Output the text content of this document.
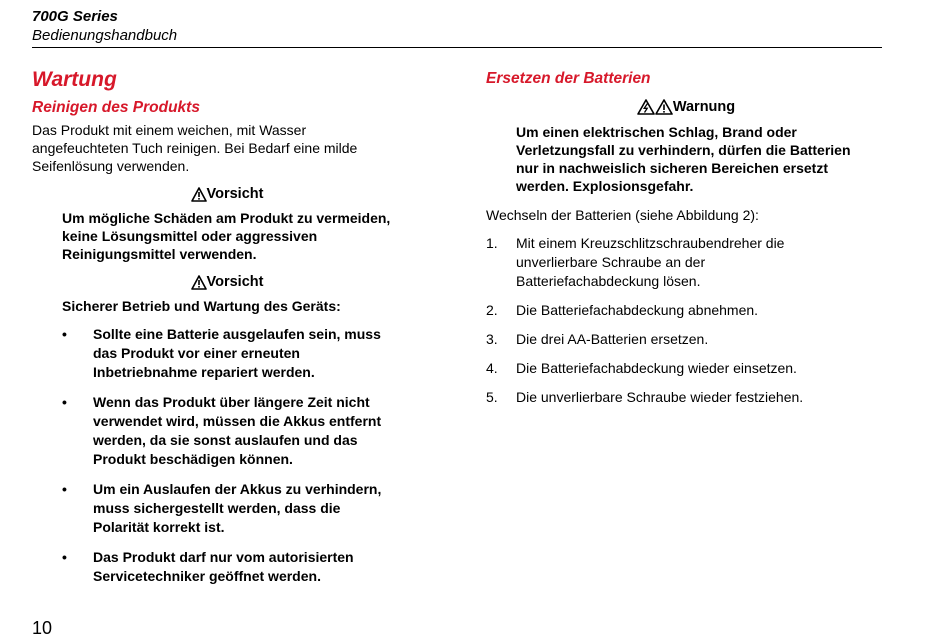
700G Series
Bedienungshandbuch
Wartung
Reinigen des Produkts

Das Produkt mit einem weichen, mit Wasser angefeuchteten Tuch reinigen. Bei Bedarf eine milde Seifenlösung verwenden.

Vorsicht

Um mögliche Schäden am Produkt zu vermeiden, keine Lösungsmittel oder aggressiven Reinigungsmittel verwenden.

Vorsicht

Sicherer Betrieb und Wartung des Geräts:

• Sollte eine Batterie ausgelaufen sein, muss das Produkt vor einer erneuten Inbetriebnahme repariert werden.
• Wenn das Produkt über längere Zeit nicht verwendet wird, müssen die Akkus entfernt werden, da sie sonst auslaufen und das Produkt beschädigen können.
• Um ein Auslaufen der Akkus zu verhindern, muss sichergestellt werden, dass die Polarität korrekt ist.
• Das Produkt darf nur vom autorisierten Servicetechniker geöffnet werden.
Ersetzen der Batterien
Warnung

Um einen elektrischen Schlag, Brand oder Verletzungsfall zu verhindern, dürfen die Batterien nur in nachweislich sicheren Bereichen ersetzt werden. Explosionsgefahr.

Wechseln der Batterien (siehe Abbildung 2):

1. Mit einem Kreuzschlitzschraubendreher die unverlierbare Schraube an der Batteriefachabdeckung lösen.
2. Die Batteriefachabdeckung abnehmen.
3. Die drei AA-Batterien ersetzen.
4. Die Batteriefachabdeckung wieder einsetzen.
5. Die unverlierbare Schraube wieder festziehen.
10
